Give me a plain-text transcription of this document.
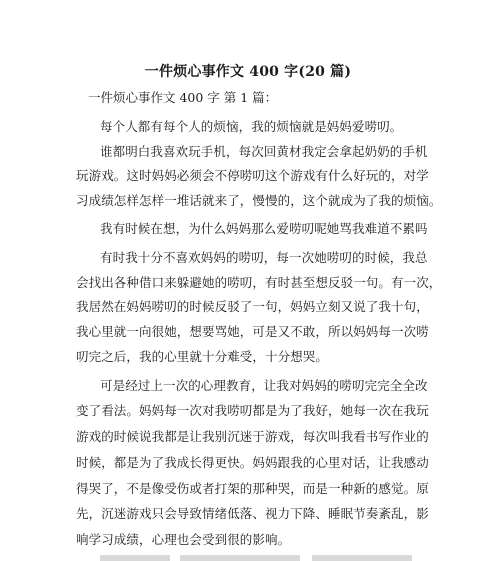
一件烦心事作文 400 字(20 篇)
一件烦心事作文 400 字 第 1 篇：
每个人都有每个人的烦恼，我的烦恼就是妈妈爱唠叨。
谁都明白我喜欢玩手机，每次回黄材我定会拿起奶奶的手机
玩游戏。这时妈妈必须会不停唠叨这个游戏有什么好玩的，对学
习成绩怎样怎样一堆话就来了，慢慢的，这个就成为了我的烦恼。
我有时候在想，为什么妈妈那么爱唠叨呢她骂我难道不累吗
有时我十分不喜欢妈妈的唠叨，每一次她唠叨的时候，我总
会找出各种借口来躲避她的唠叨，有时甚至想反驳一句。有一次，
我居然在妈妈唠叨的时候反驳了一句，妈妈立刻又说了我十句，
我心里就一向很她，想要骂她，可是又不敢，所以妈妈每一次唠
叨完之后，我的心里就十分难受，十分想哭。
可是经过上一次的心理教育，让我对妈妈的唠叨完完全全改
变了看法。妈妈每一次对我唠叨都是为了我好，她每一次在我玩
游戏的时候说我都是让我别沉迷于游戏，每次叫我看书写作业的
时候，都是为了我成长得更快。妈妈跟我的心里对话，让我感动
得哭了，不是像受伤或者打架的那种哭，而是一种新的感觉。原
先，沉迷游戏只会导致情绪低落、视力下降、睡眠节奏紊乱，影
响学习成绩，心理也会受到很的影响。
